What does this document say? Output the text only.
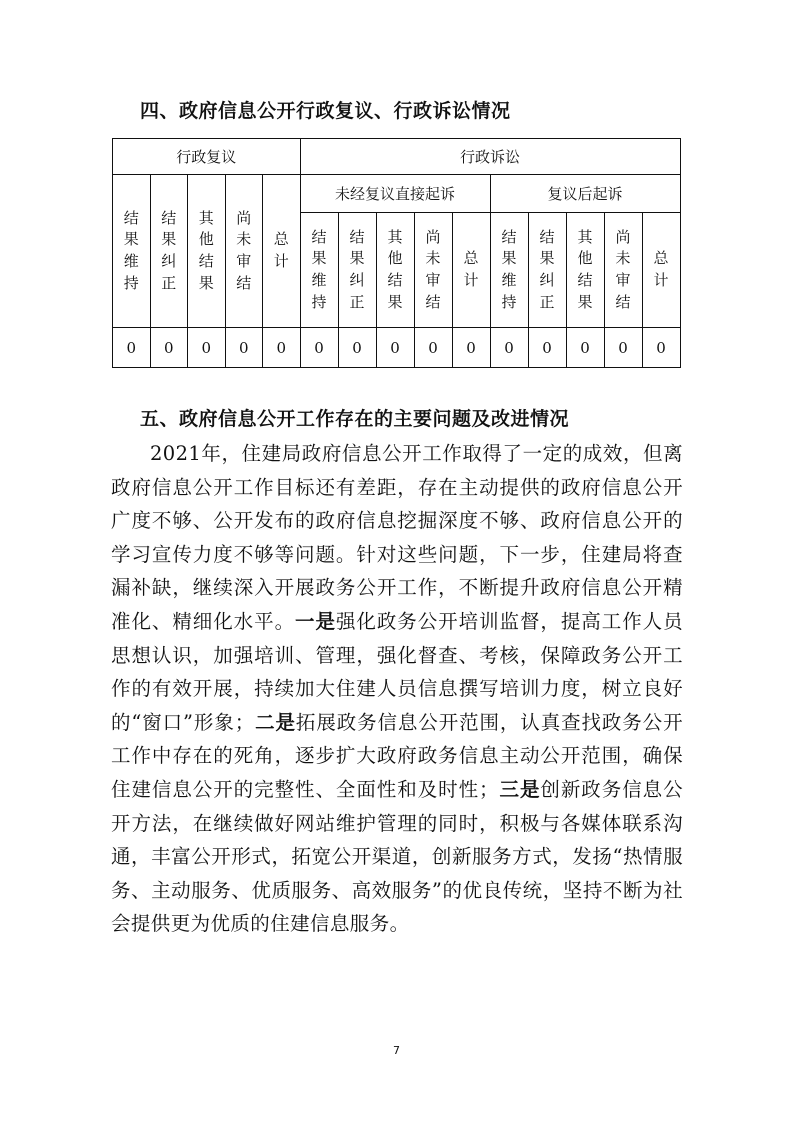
四、政府信息公开行政复议、行政诉讼情况
行政复议					行政诉讼									
结果维持	结果纠正	其他结果	尚未审结	总计	未经复议直接起诉					复议后起诉				
					结果维持	结果纠正	其他结果	尚未审结	总计	结果维持	结果纠正	其他结果	尚未审结	总计
0	0	0	0	0	0	0	0	0	0	0	0	0	0	0
五、政府信息公开工作存在的主要问题及改进情况

2021年，住建局政府信息公开工作取得了一定的成效，但离政府信息公开工作目标还有差距，存在主动提供的政府信息公开广度不够、公开发布的政府信息挖掘深度不够、政府信息公开的学习宣传力度不够等问题。针对这些问题，下一步，住建局将查漏补缺，继续深入开展政务公开工作，不断提升政府信息公开精准化、精细化水平。一是强化政务公开培训监督，提高工作人员思想认识，加强培训、管理，强化督查、考核，保障政务公开工作的有效开展，持续加大住建人员信息撰写培训力度，树立良好的“窗口”形象；二是拓展政务信息公开范围，认真查找政务公开工作中存在的死角，逐步扩大政府政务信息主动公开范围，确保住建信息公开的完整性、全面性和及时性；三是创新政务信息公开方法，在继续做好网站维护管理的同时，积极与各媒体联系沟通，丰富公开形式，拓宽公开渠道，创新服务方式，发扬“热情服务、主动服务、优质服务、高效服务”的优良传统，坚持不断为社会提供更为优质的住建信息服务。

7
